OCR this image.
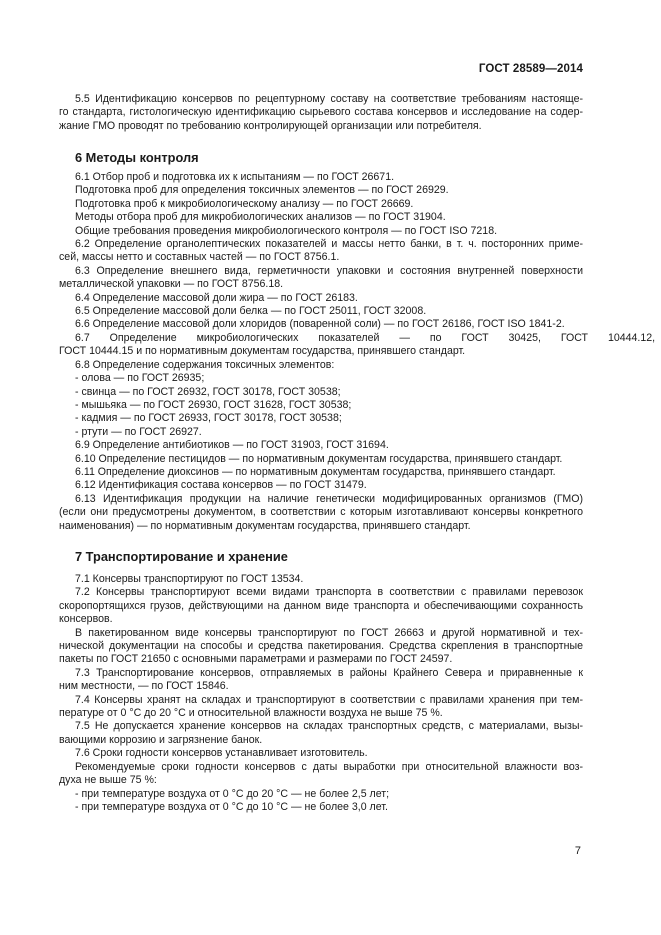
ГОСТ 28589—2014
5.5 Идентификацию консервов по рецептурному составу на соответствие требованиям настояще-
го стандарта, гистологическую идентификацию сырьевого состава консервов и исследование на содер-
жание ГМО проводят по требованию контролирующей организации или потребителя.
6 Методы контроля
6.1 Отбор проб и подготовка их к испытаниям — по ГОСТ 26671.
Подготовка проб для определения токсичных элементов — по ГОСТ 26929.
Подготовка проб к микробиологическому анализу — по ГОСТ 26669.
Методы отбора проб для микробиологических анализов — по ГОСТ 31904.
Общие требования проведения микробиологического контроля — по ГОСТ ISO 7218.
6.2 Определение органолептических показателей и массы нетто банки, в т. ч. посторонних приме-
сей, массы нетто и составных частей — по ГОСТ 8756.1.
6.3 Определение внешнего вида, герметичности упаковки и состояния внутренней поверхности
металлической упаковки — по ГОСТ 8756.18.
6.4 Определение массовой доли жира — по ГОСТ 26183.
6.5 Определение массовой доли белка — по ГОСТ 25011, ГОСТ 32008.
6.6 Определение массовой доли хлоридов (поваренной соли) — по ГОСТ 26186, ГОСТ ISO 1841-2.
6.7 Определение микробиологических показателей — по ГОСТ 30425, ГОСТ 10444.12,
ГОСТ 10444.15 и по нормативным документам государства, принявшего стандарт.
6.8 Определение содержания токсичных элементов:
- олова — по ГОСТ 26935;
- свинца — по ГОСТ 26932, ГОСТ 30178, ГОСТ 30538;
- мышьяка — по ГОСТ 26930, ГОСТ 31628, ГОСТ 30538;
- кадмия — по ГОСТ 26933, ГОСТ 30178, ГОСТ 30538;
- ртути — по ГОСТ 26927.
6.9 Определение антибиотиков — по ГОСТ 31903, ГОСТ 31694.
6.10 Определение пестицидов — по нормативным документам государства, принявшего стандарт.
6.11 Определение диоксинов — по нормативным документам государства, принявшего стандарт.
6.12 Идентификация состава консервов — по ГОСТ 31479.
6.13 Идентификация продукции на наличие генетически модифицированных организмов (ГМО)
(если они предусмотрены документом, в соответствии с которым изготавливают консервы конкретного
наименования) — по нормативным документам государства, принявшего стандарт.
7 Транспортирование и хранение
7.1 Консервы транспортируют по ГОСТ 13534.
7.2 Консервы транспортируют всеми видами транспорта в соответствии с правилами перевозок
скоропортящихся грузов, действующими на данном виде транспорта и обеспечивающими сохранность
консервов.
В пакетированном виде консервы транспортируют по ГОСТ 26663 и другой нормативной и тех-
нической документации на способы и средства пакетирования. Средства скрепления в транспортные
пакеты по ГОСТ 21650 с основными параметрами и размерами по ГОСТ 24597.
7.3 Транспортирование консервов, отправляемых в районы Крайнего Севера и приравненные к
ним местности, — по ГОСТ 15846.
7.4 Консервы хранят на складах и транспортируют в соответствии с правилами хранения при тем-
пературе от 0 °С до 20 °С и относительной влажности воздуха не выше 75 %.
7.5 Не допускается хранение консервов на складах транспортных средств, с материалами, вызы-
вающими коррозию и загрязнение банок.
7.6 Сроки годности консервов устанавливает изготовитель.
Рекомендуемые сроки годности консервов с даты выработки при относительной влажности воз-
духа не выше 75 %:
- при температуре воздуха от 0 °С до 20 °С — не более 2,5 лет;
- при температуре воздуха от 0 °С до 10 °С — не более 3,0 лет.
7
